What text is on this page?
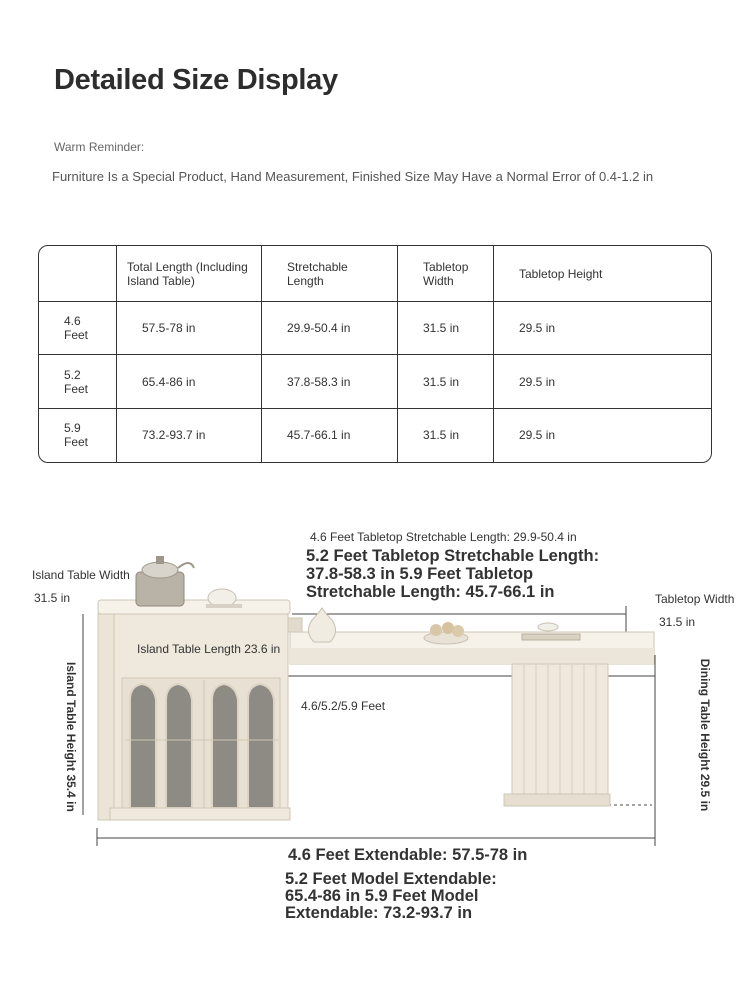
Detailed Size Display
Warm Reminder:
Furniture Is a Special Product, Hand Measurement, Finished Size May Have a Normal Error of 0.4-1.2 in
	Total Length (Including Island Table)	Stretchable Length	Tabletop Width	Tabletop Height
4.6 Feet	57.5-78 in	29.9-50.4 in	31.5 in	29.5 in
5.2 Feet	65.4-86 in	37.8-58.3 in	31.5 in	29.5 in
5.9 Feet	73.2-93.7 in	45.7-66.1 in	31.5 in	29.5 in
4.6 Feet Tabletop Stretchable Length: 29.9-50.4 in
5.2 Feet Tabletop Stretchable Length:
37.8-58.3 in 5.9 Feet Tabletop
Stretchable Length: 45.7-66.1 in
Island Table Width
31.5 in	Tabletop Width
31.5 in
Island Table Length 23.6 in
4.6/5.2/5.9 Feet
Island Table Height 35.4 in	Dining Table Height 29.5 in
4.6 Feet Extendable: 57.5-78 in
5.2 Feet Model Extendable:
65.4-86 in 5.9 Feet Model
Extendable: 73.2-93.7 in
